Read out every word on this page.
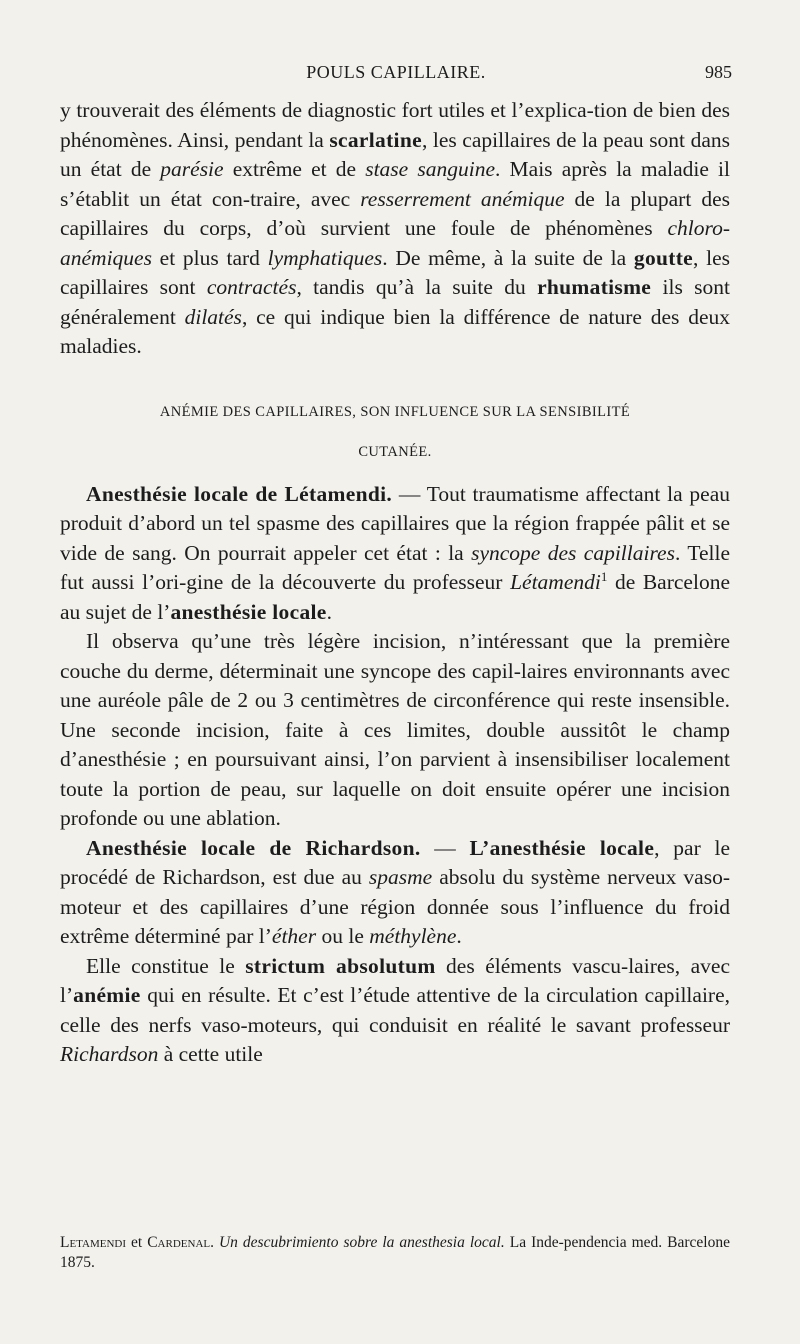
POULS CAPILLAIRE.	985

y trouverait des éléments de diagnostic fort utiles et l’explica-tion de bien des phénomènes. Ainsi, pendant la scarlatine, les capillaires de la peau sont dans un état de parésie extrême et de stase sanguine. Mais après la maladie il s’établit un état con-traire, avec resserrement anémique de la plupart des capillaires du corps, d’où survient une foule de phénomènes chloro-anémiques et plus tard lymphatiques. De même, à la suite de la goutte, les capillaires sont contractés, tandis qu’à la suite du rhumatisme ils sont généralement dilatés, ce qui indique bien la différence de nature des deux maladies.

ANÉMIE DES CAPILLAIRES, SON INFLUENCE SUR LA SENSIBILITÉ
CUTANÉE.

Anesthésie locale de Létamendi. — Tout traumatisme affectant la peau produit d’abord un tel spasme des capillaires que la région frappée pâlit et se vide de sang. On pourrait appeler cet état : la syncope des capillaires. Telle fut aussi l’ori-gine de la découverte du professeur Létamendi$^1$ de Barcelone au sujet de l’anesthésie locale.

Il observa qu’une très légère incision, n’intéressant que la première couche du derme, déterminait une syncope des capil-laires environnants avec une auréole pâle de 2 ou 3 centimètres de circonférence qui reste insensible. Une seconde incision, faite à ces limites, double aussitôt le champ d’anesthésie ; en poursuivant ainsi, l’on parvient à insensibiliser localement toute la portion de peau, sur laquelle on doit ensuite opérer une incision profonde ou une ablation.

Anesthésie locale de Richardson. — L’anesthésie locale, par le procédé de Richardson, est due au spasme absolu du système nerveux vaso-moteur et des capillaires d’une région donnée sous l’influence du froid extrême déterminé par l’éther ou le méthylène.

Elle constitue le strictum absolutum des éléments vascu-laires, avec l’anémie qui en résulte. Et c’est l’étude attentive de la circulation capillaire, celle des nerfs vaso-moteurs, qui conduisit en réalité le savant professeur Richardson à cette utile

Letamendi et Cardenal. Un descubrimiento sobre la anesthesia local. La Inde-pendencia med. Barcelone 1875.
